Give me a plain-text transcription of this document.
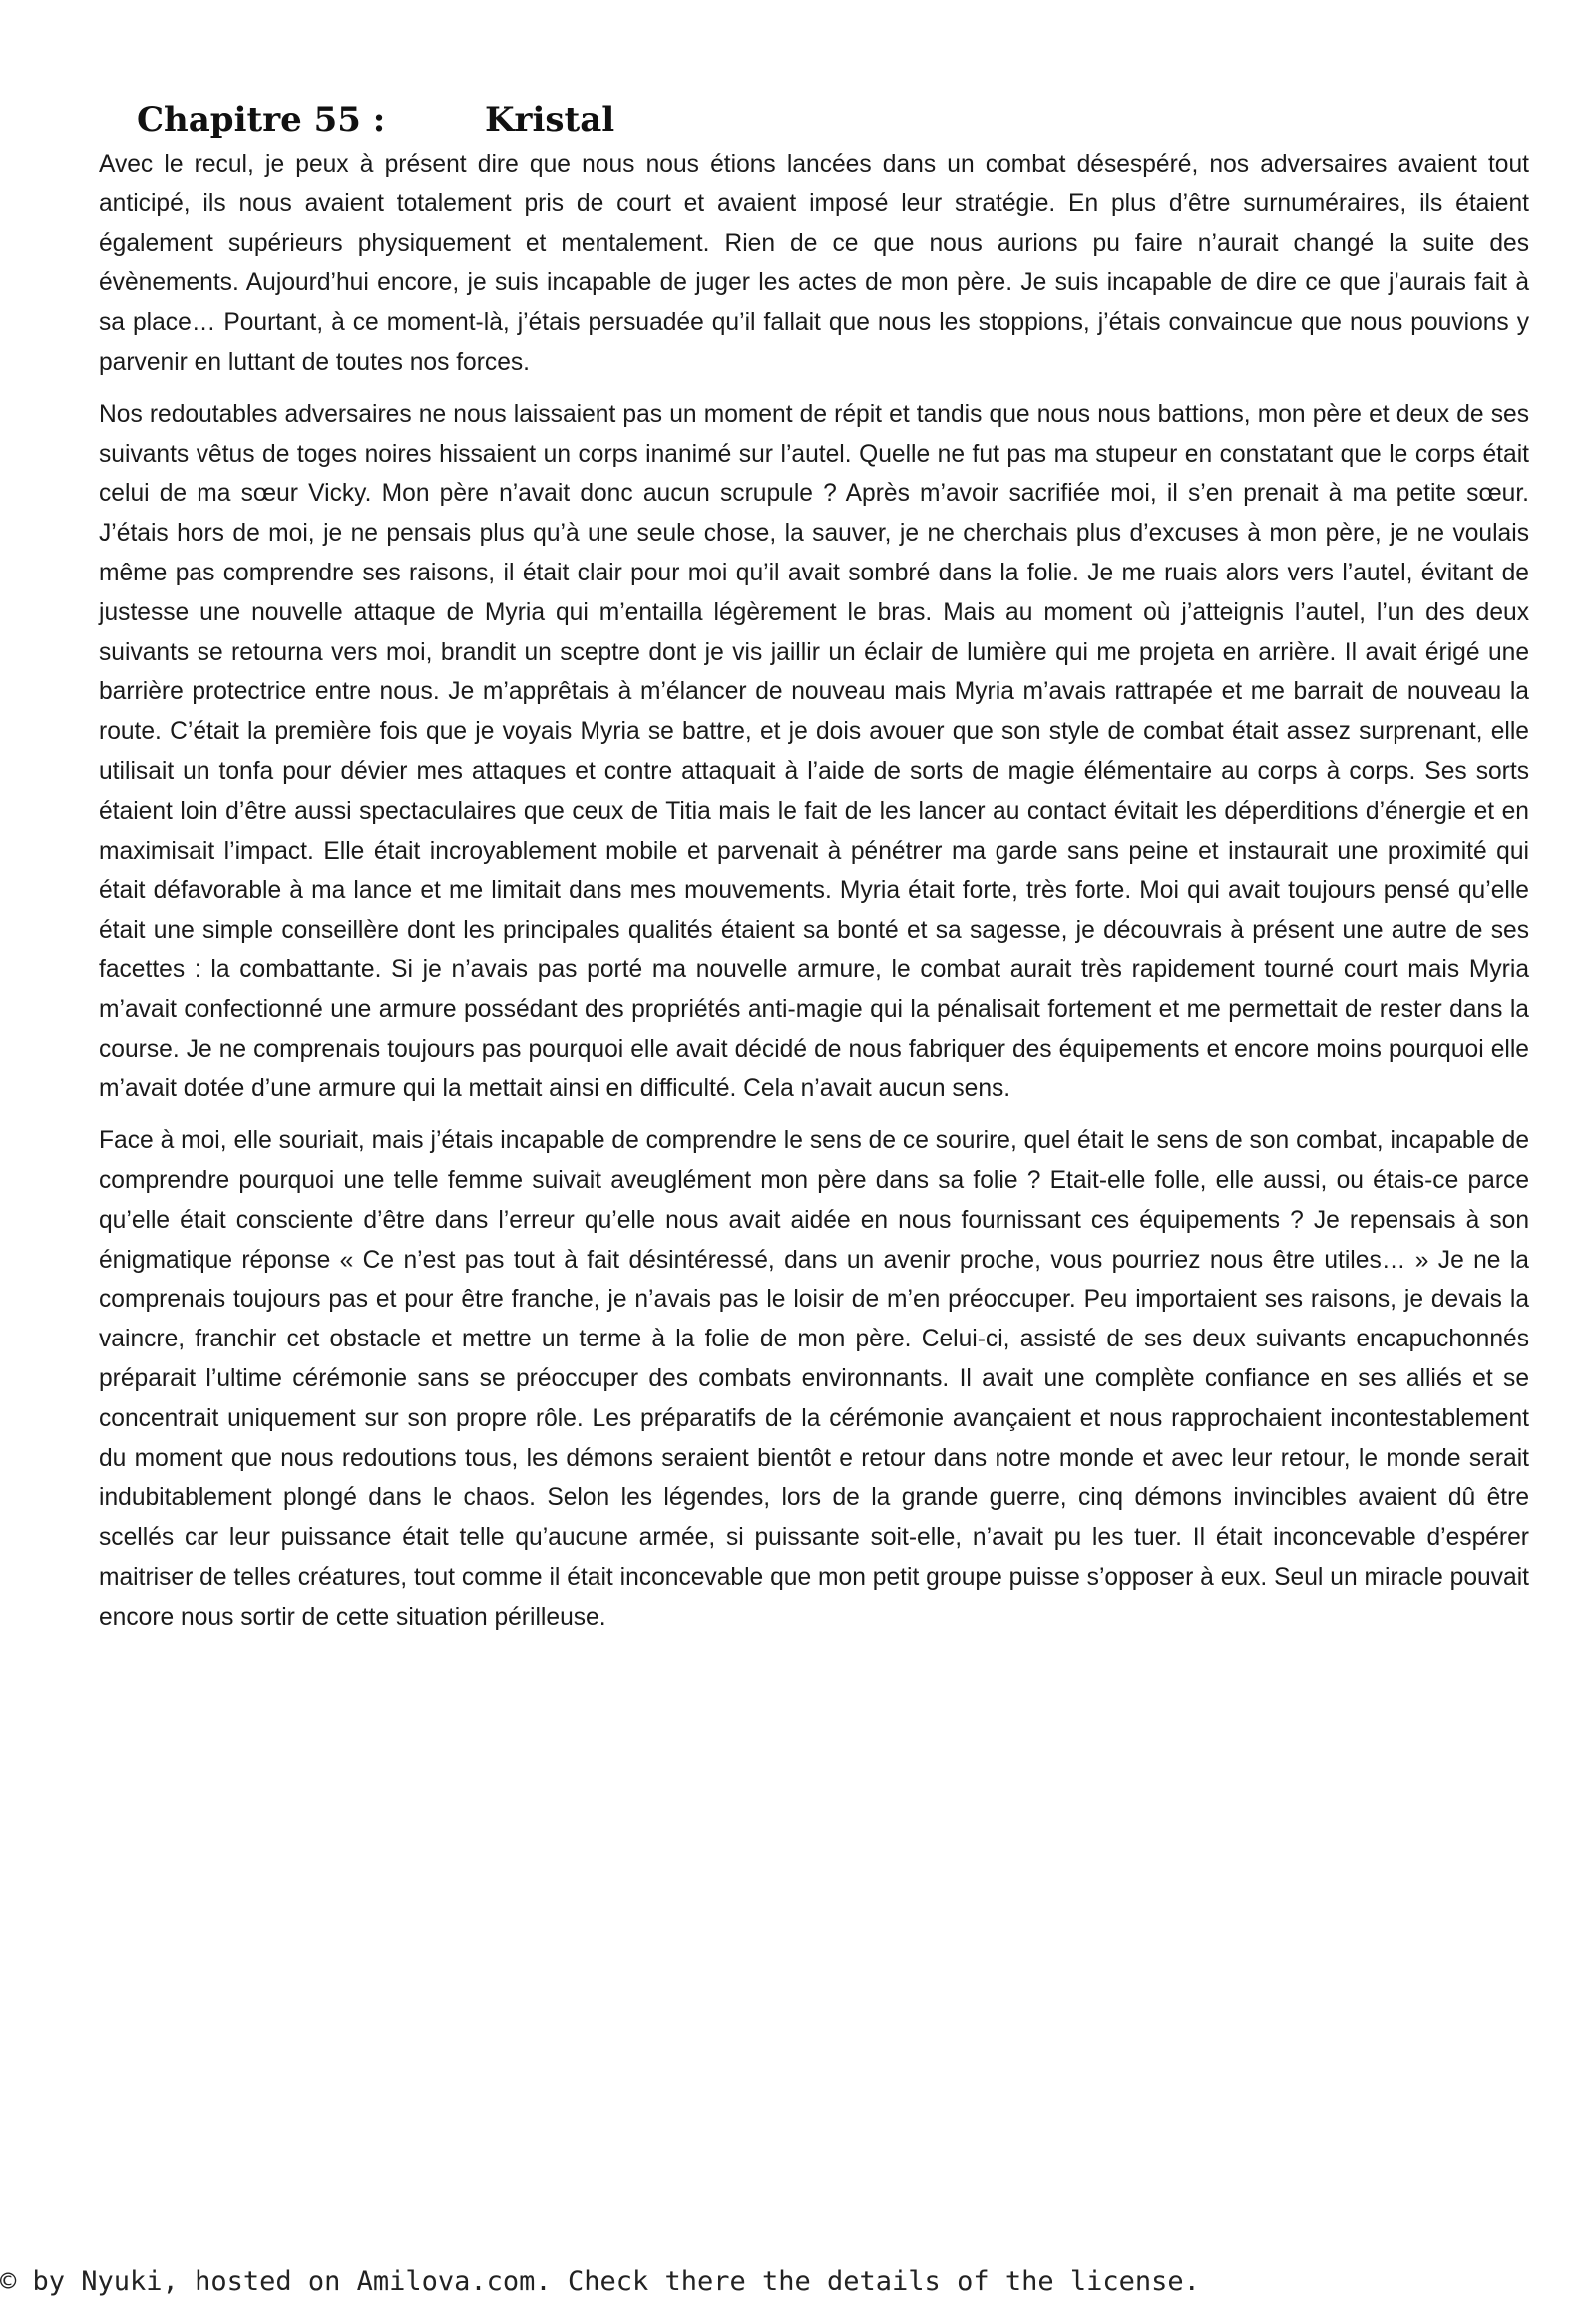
Chapitre 55 :	Kristal

Avec le recul, je peux à présent dire que nous nous étions lancées dans un combat désespéré, nos adversaires avaient tout anticipé, ils nous avaient totalement pris de court et avaient imposé leur stratégie. En plus d’être surnuméraires, ils étaient également supérieurs physiquement et mentalement. Rien de ce que nous aurions pu faire n’aurait changé la suite des évènements. Aujourd’hui encore, je suis incapable de juger les actes de mon père. Je suis incapable de dire ce que j’aurais fait à sa place… Pourtant, à ce moment-là, j’étais persuadée qu’il fallait que nous les stoppions, j’étais convaincue que nous pouvions y parvenir en luttant de toutes nos forces.

Nos redoutables adversaires ne nous laissaient pas un moment de répit et tandis que nous nous battions, mon père et deux de ses suivants vêtus de toges noires hissaient un corps inanimé sur l’autel. Quelle ne fut pas ma stupeur en constatant que le corps était celui de ma sœur Vicky. Mon père n’avait donc aucun scrupule ? Après m’avoir sacrifiée moi, il s’en prenait à ma petite sœur. J’étais hors de moi, je ne pensais plus qu’à une seule chose, la sauver, je ne cherchais plus d’excuses à mon père, je ne voulais même pas comprendre ses raisons, il était clair pour moi qu’il avait sombré dans la folie. Je me ruais alors vers l’autel, évitant de justesse une nouvelle attaque de Myria qui m’entailla légèrement le bras. Mais au moment où j’atteignis l’autel, l’un des deux suivants se retourna vers moi, brandit un sceptre dont je vis jaillir un éclair de lumière qui me projeta en arrière. Il avait érigé une barrière protectrice entre nous. Je m’apprêtais à m’élancer de nouveau mais Myria m’avais rattrapée et me barrait de nouveau la route. C’était la première fois que je voyais Myria se battre, et je dois avouer que son style de combat était assez surprenant, elle utilisait un tonfa pour dévier mes attaques et contre attaquait à l’aide de sorts de magie élémentaire au corps à corps. Ses sorts étaient loin d’être aussi spectaculaires que ceux de Titia mais le fait de les lancer au contact évitait les déperditions d’énergie et en maximisait l’impact. Elle était incroyablement mobile et parvenait à pénétrer ma garde sans peine et instaurait une proximité qui était défavorable à ma lance et me limitait dans mes mouvements. Myria était forte, très forte. Moi qui avait toujours pensé qu’elle était une simple conseillère dont les principales qualités étaient sa bonté et sa sagesse, je découvrais à présent une autre de ses facettes : la combattante. Si je n’avais pas porté ma nouvelle armure, le combat aurait très rapidement tourné court mais Myria m’avait confectionné une armure possédant des propriétés anti-magie qui la pénalisait fortement et me permettait de rester dans la course. Je ne comprenais toujours pas pourquoi elle avait décidé de nous fabriquer des équipements et encore moins pourquoi elle m’avait dotée d’une armure qui la mettait ainsi en difficulté. Cela n’avait aucun sens.

Face à moi, elle souriait, mais j’étais incapable de comprendre le sens de ce sourire, quel était le sens de son combat, incapable de comprendre pourquoi une telle femme suivait aveuglément mon père dans sa folie ? Etait-elle folle, elle aussi, ou étais-ce parce qu’elle était consciente d’être dans l’erreur qu’elle nous avait aidée en nous fournissant ces équipements ? Je repensais à son énigmatique réponse « Ce n’est pas tout à fait désintéressé, dans un avenir proche, vous pourriez nous être utiles… » Je ne la comprenais toujours pas et pour être franche, je n’avais pas le loisir de m’en préoccuper. Peu importaient ses raisons, je devais la vaincre, franchir cet obstacle et mettre un terme à la folie de mon père. Celui-ci, assisté de ses deux suivants encapuchonnés préparait l’ultime cérémonie sans se préoccuper des combats environnants. Il avait une complète confiance en ses alliés et se concentrait uniquement sur son propre rôle. Les préparatifs de la cérémonie avançaient et nous rapprochaient incontestablement du moment que nous redoutions tous, les démons seraient bientôt e retour dans notre monde et avec leur retour, le monde serait indubitablement plongé dans le chaos. Selon les légendes, lors de la grande guerre, cinq démons invincibles avaient dû être scellés car leur puissance était telle qu’aucune armée, si puissante soit-elle, n’avait pu les tuer. Il était inconcevable d’espérer maitriser de telles créatures, tout comme il était inconcevable que mon petit groupe puisse s’opposer à eux. Seul un miracle pouvait encore nous sortir de cette situation périlleuse.

© by Nyuki, hosted on Amilova.com. Check there the details of the license.
